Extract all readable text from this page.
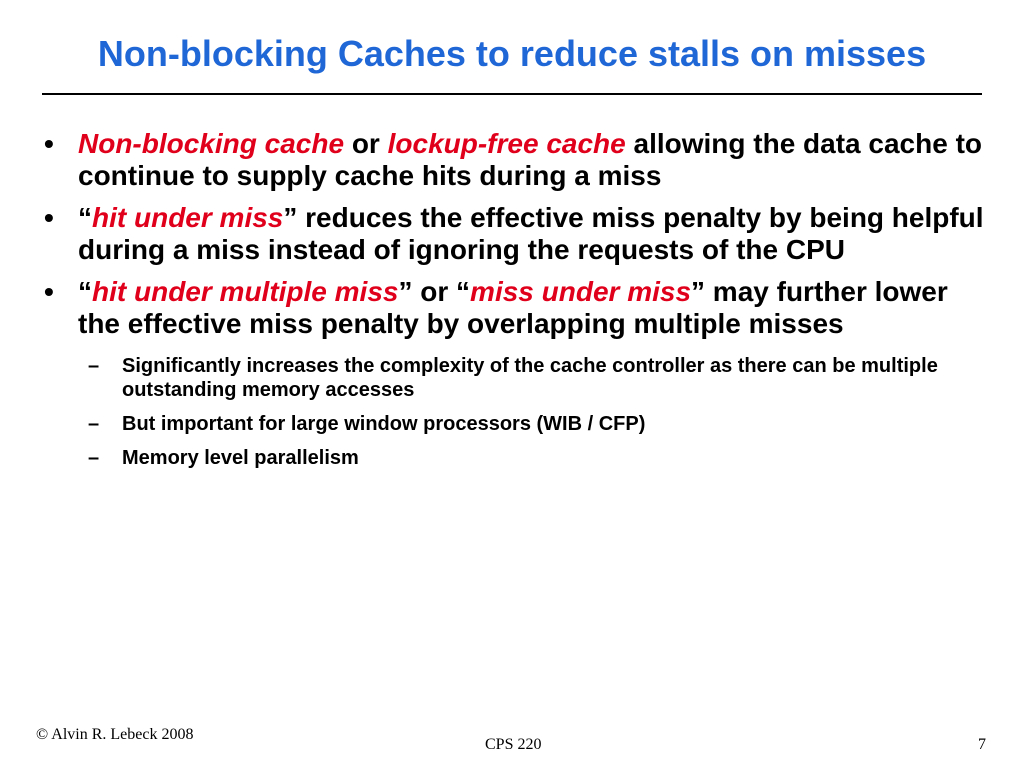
Non-blocking Caches to reduce stalls on misses
• Non-blocking cache or lockup-free cache allowing the data cache to continue to supply cache hits during a miss
• “hit under miss” reduces the effective miss penalty by being helpful during a miss instead of ignoring the requests of the CPU
• “hit under multiple miss” or “miss under miss” may further lower the effective miss penalty by overlapping multiple misses
– Significantly increases the complexity of the cache controller as there can be multiple outstanding memory accesses
– But important for large window processors (WIB / CFP)
– Memory level parallelism
© Alvin R. Lebeck 2008
CPS 220	7
